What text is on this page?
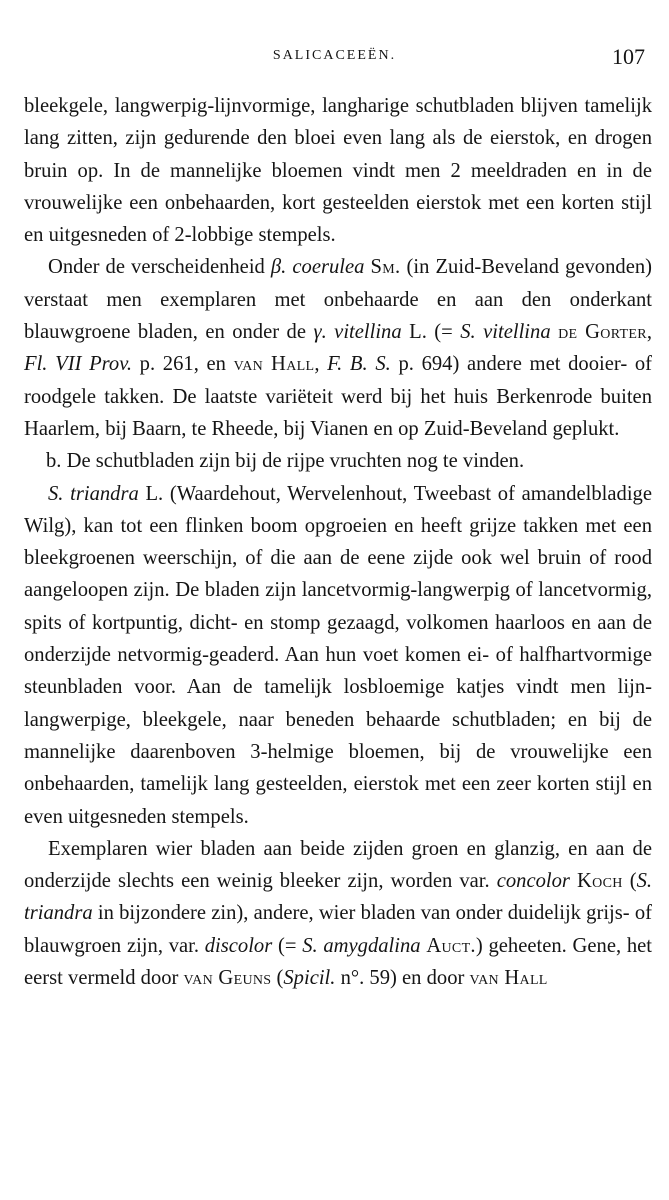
SALICACEEËN.	107

bleekgele, langwerpig-lijnvormige, langharige schutbladen blijven tamelijk lang zitten, zijn gedurende den bloei even lang als de eierstok, en drogen bruin op. In de mannelijke bloemen vindt men 2 meeldraden en in de vrouwelijke een onbehaarden, kort gesteelden eierstok met een korten stijl en uitgesneden of 2-lobbige stempels.

Onder de verscheidenheid β. coerulea Sm. (in Zuid-Beveland gevonden) verstaat men exemplaren met onbehaarde en aan den onderkant blauwgroene bladen, en onder de γ. vitellina L. (= S. vitellina de Gorter, Fl. VII Prov. p. 261, en van Hall, F. B. S. p. 694) andere met dooier- of roodgele takken. De laatste variëteit werd bij het huis Berkenrode buiten Haarlem, bij Baarn, te Rheede, bij Vianen en op Zuid-Beveland geplukt.

b. De schutbladen zijn bij de rijpe vruchten nog te vinden.

S. triandra L. (Waardehout, Wervelenhout, Tweebast of amandelbladige Wilg), kan tot een flinken boom opgroeien en heeft grijze takken met een bleekgroenen weerschijn, of die aan de eene zijde ook wel bruin of rood aangeloopen zijn. De bladen zijn lancetvormig-langwerpig of lancetvormig, spits of kortpuntig, dicht- en stomp gezaagd, volkomen haarloos en aan de onderzijde netvormig-geaderd. Aan hun voet komen ei- of halfhartvormige steunbladen voor. Aan de tamelijk losbloemige katjes vindt men lijn-langwerpige, bleekgele, naar beneden behaarde schutbladen; en bij de mannelijke daarenboven 3-helmige bloemen, bij de vrouwelijke een onbehaarden, tamelijk lang gesteelden, eierstok met een zeer korten stijl en even uitgesneden stempels.

Exemplaren wier bladen aan beide zijden groen en glanzig, en aan de onderzijde slechts een weinig bleeker zijn, worden var. concolor Koch (S. triandra in bijzondere zin), andere, wier bladen van onder duidelijk grijs- of blauwgroen zijn, var. discolor (= S. amygdalina Auct.) geheeten. Gene, het eerst vermeld door van Geuns (Spicil. n°. 59) en door van Hall
